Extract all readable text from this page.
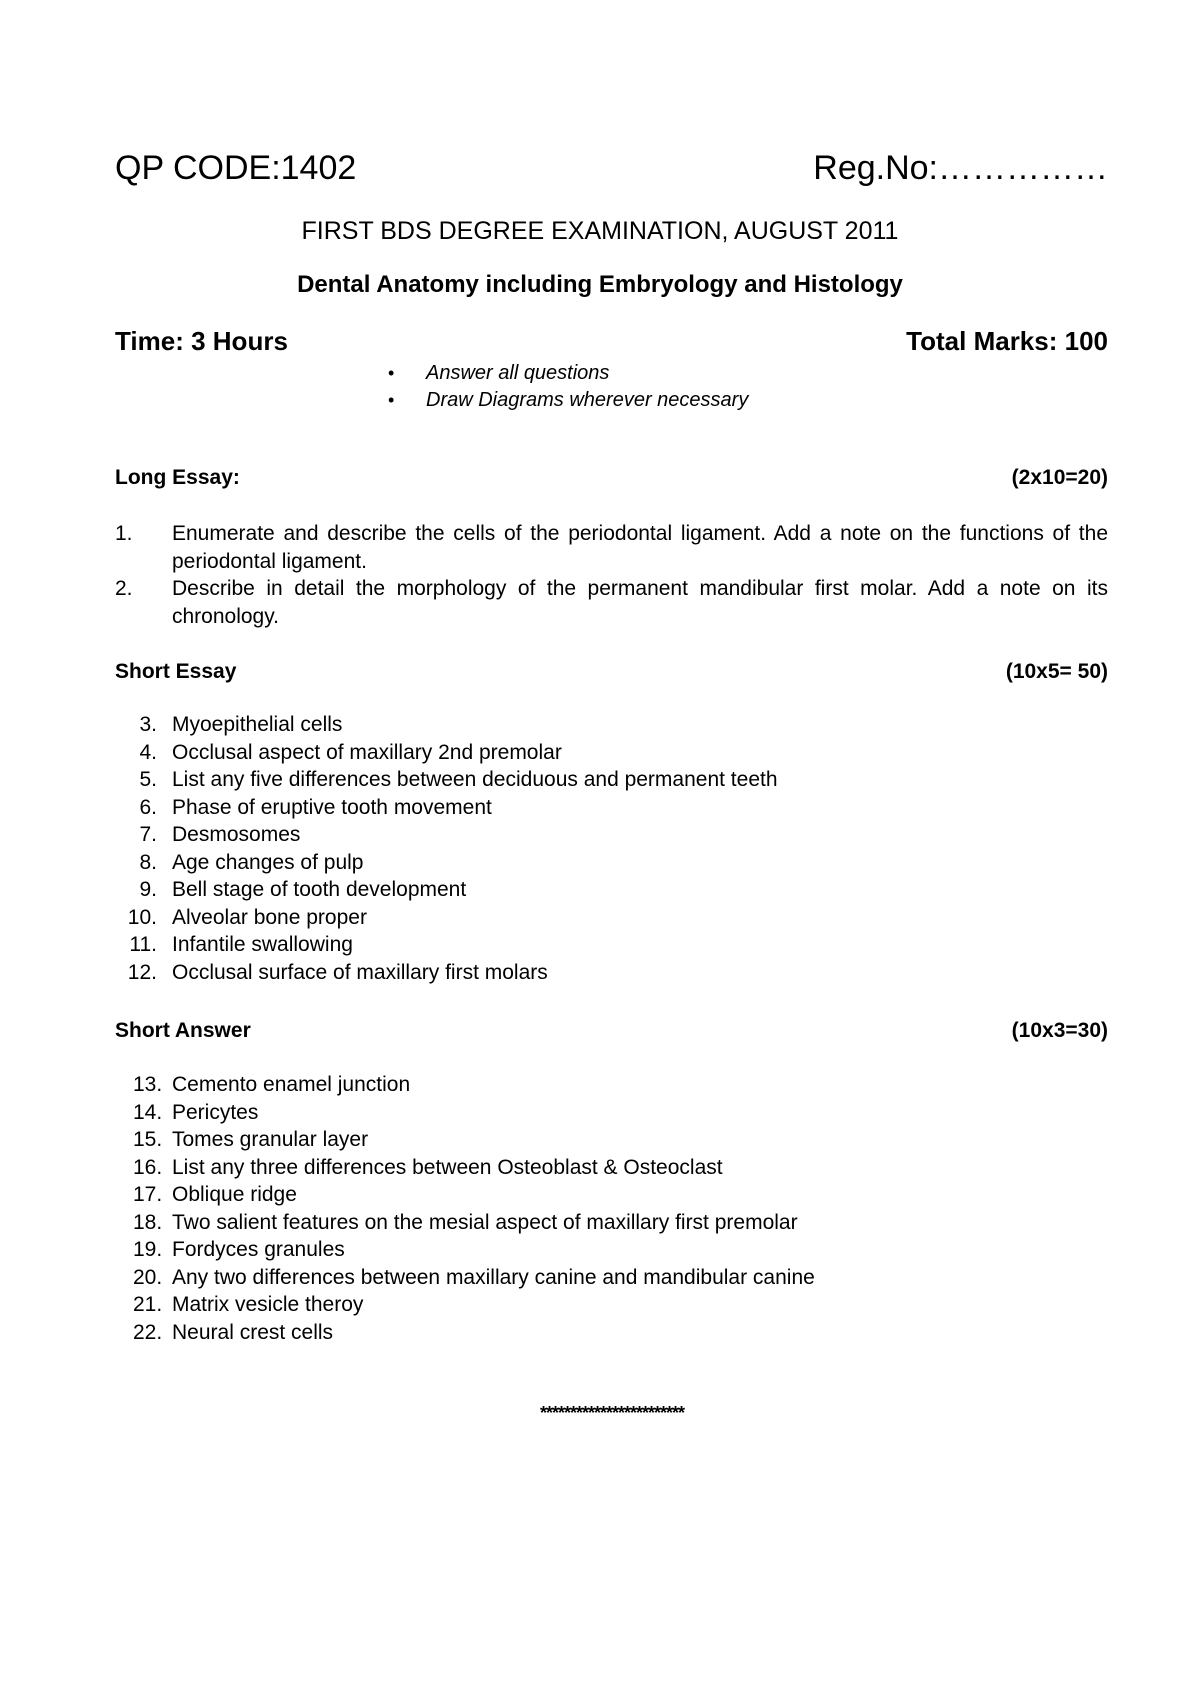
QP CODE:1402	Reg.No:……………
FIRST BDS DEGREE EXAMINATION, AUGUST 2011
Dental Anatomy including Embryology and Histology
Time: 3 Hours	Total Marks: 100
• Answer all questions
• Draw Diagrams wherever necessary
Long Essay:	(2x10=20)
1.	Enumerate and describe the cells of the periodontal ligament. Add a note on the functions of the periodontal ligament.
2.	Describe in detail the morphology of the permanent mandibular first molar. Add a note on its chronology.
Short Essay	(10x5= 50)
3. Myoepithelial cells
4. Occlusal aspect of maxillary 2nd premolar
5. List any five differences between deciduous and permanent teeth
6. Phase of eruptive tooth movement
7. Desmosomes
8. Age changes of pulp
9. Bell stage of tooth development
10. Alveolar bone proper
11. Infantile swallowing
12. Occlusal surface of maxillary first molars
Short Answer	(10x3=30)
13. Cemento enamel junction
14. Pericytes
15. Tomes granular layer
16. List any three differences between Osteoblast & Osteoclast
17. Oblique ridge
18. Two salient features on the mesial aspect of maxillary first premolar
19. Fordyces granules
20. Any two differences between maxillary canine and mandibular canine
21. Matrix vesicle theroy
22. Neural crest cells
************************
